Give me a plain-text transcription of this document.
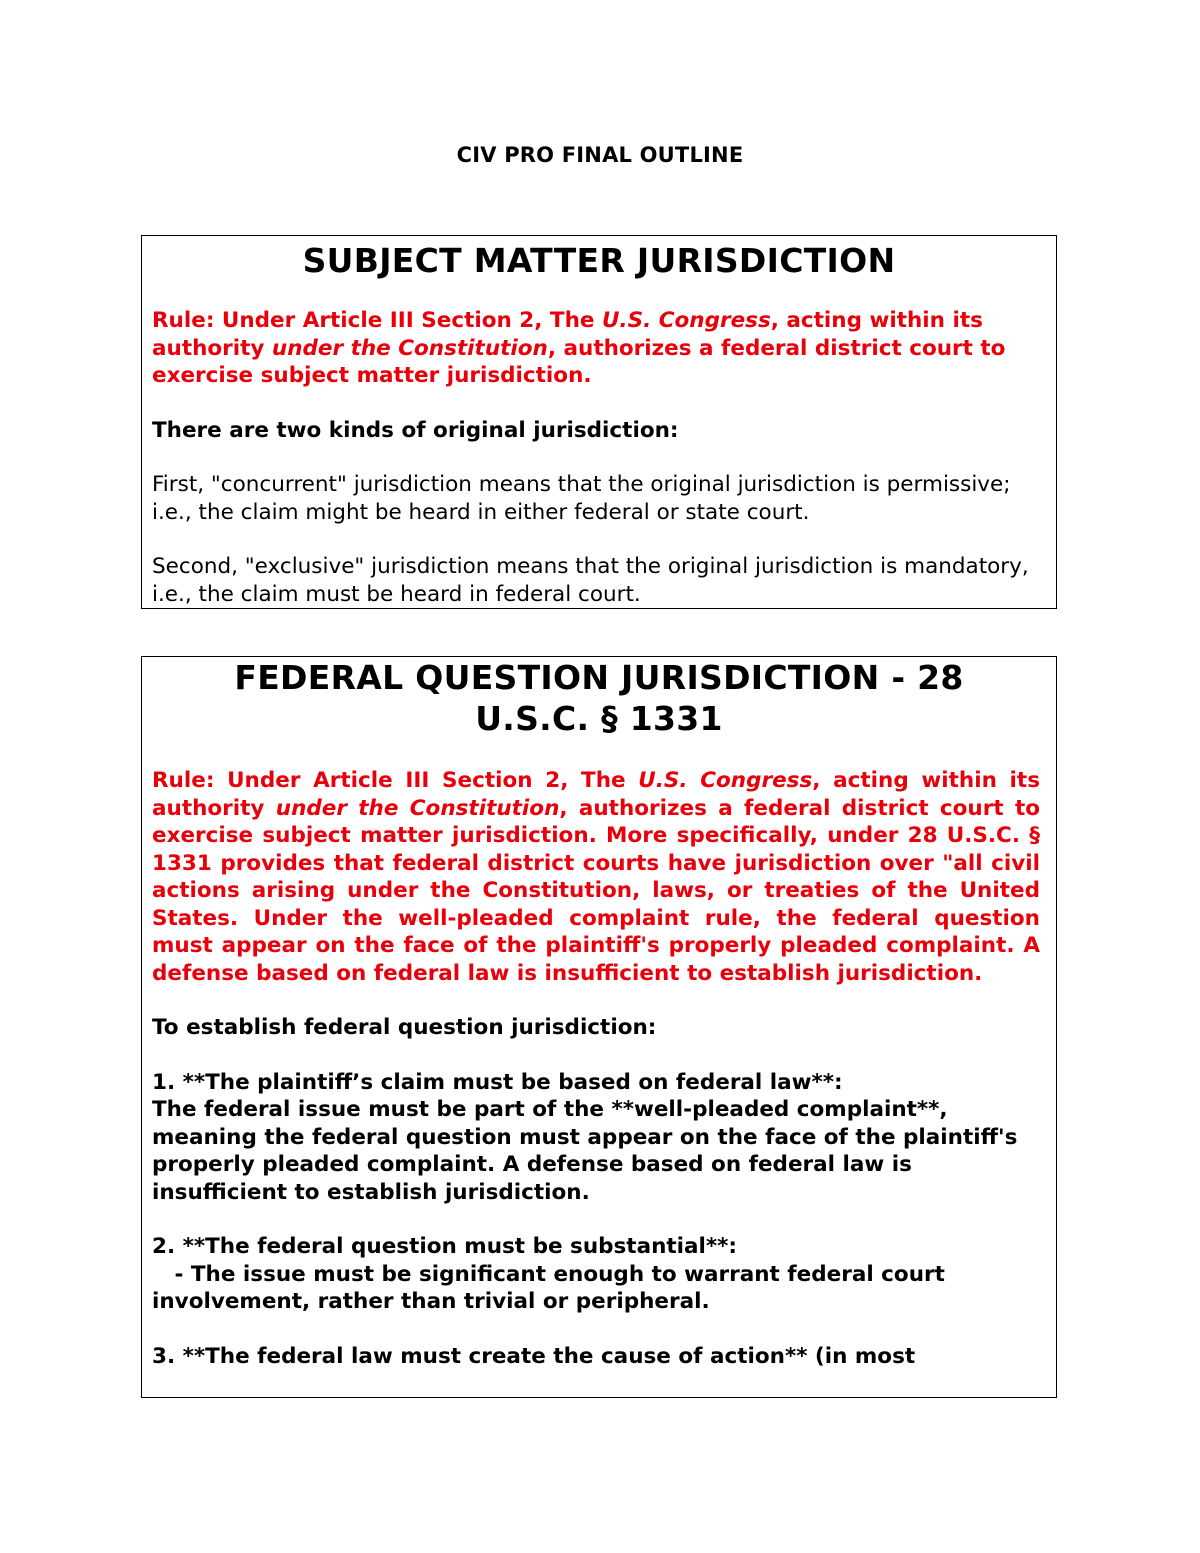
CIV PRO FINAL OUTLINE
SUBJECT MATTER JURISDICTION

Rule: Under Article III Section 2, The U.S. Congress, acting within its authority under the Constitution, authorizes a federal district court to exercise subject matter jurisdiction.

There are two kinds of original jurisdiction:

First, "concurrent" jurisdiction means that the original jurisdiction is permissive; i.e., the claim might be heard in either federal or state court.

Second, "exclusive" jurisdiction means that the original jurisdiction is mandatory, i.e., the claim must be heard in federal court.

FEDERAL QUESTION JURISDICTION - 28
U.S.C. § 1331

Rule: Under Article III Section 2, The U.S. Congress, acting within its authority under the Constitution, authorizes a federal district court to exercise subject matter jurisdiction. More specifically, under 28 U.S.C. § 1331 provides that federal district courts have jurisdiction over "all civil actions arising under the Constitution, laws, or treaties of the United States. Under the well-pleaded complaint rule, the federal question must appear on the face of the plaintiff's properly pleaded complaint. A defense based on federal law is insufficient to establish jurisdiction.

To establish federal question jurisdiction:

1. **The plaintiff’s claim must be based on federal law**:
The federal issue must be part of the **well-pleaded complaint**, meaning the federal question must appear on the face of the plaintiff's properly pleaded complaint. A defense based on federal law is insufficient to establish jurisdiction.

2. **The federal question must be substantial**:
- The issue must be significant enough to warrant federal court involvement, rather than trivial or peripheral.

3. **The federal law must create the cause of action** (in most
